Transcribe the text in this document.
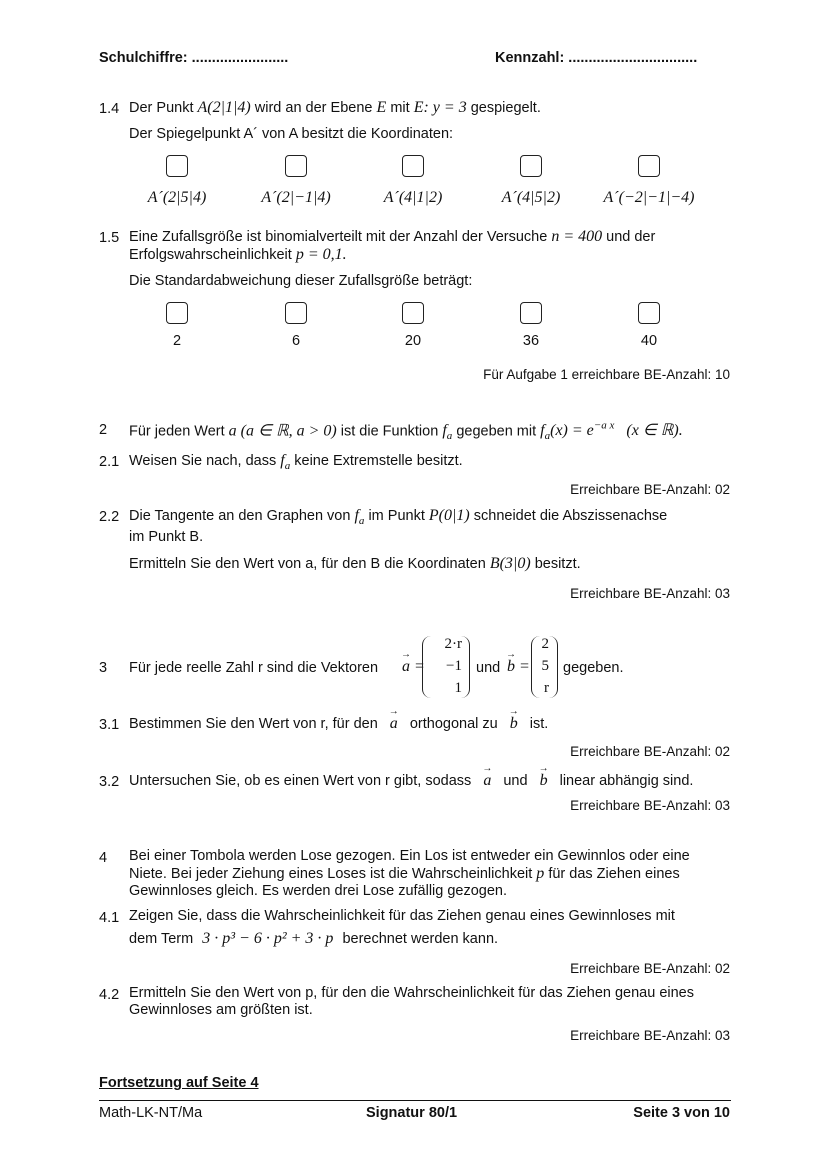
Schulchiffre: ........................	Kennzahl: ................................
1.4 Der Punkt A(2|1|4) wird an der Ebene E mit E: y = 3 gespiegelt.
Der Spiegelpunkt A´ von A besitzt die Koordinaten:
A´(2|5|4)	A´(2|−1|4)	A´(4|1|2)	A´(4|5|2)	A´(−2|−1|−4)
1.5 Eine Zufallsgröße ist binomialverteilt mit der Anzahl der Versuche n = 400 und der
Erfolgswahrscheinlichkeit p = 0,1.
Die Standardabweichung dieser Zufallsgröße beträgt:
2	6	20	36	40
Für Aufgabe 1 erreichbare BE-Anzahl: 10
2 Für jeden Wert a (a ∈ ℝ, a > 0) ist die Funktion $f_a$ gegeben mit $f_a(x) = e^{-a x}$ (x ∈ ℝ).
2.1 Weisen Sie nach, dass $f_a$ keine Extremstelle besitzt.
Erreichbare BE-Anzahl: 02
2.2 Die Tangente an den Graphen von $f_a$ im Punkt P(0|1) schneidet die Abszissenachse
im Punkt B.
Ermitteln Sie den Wert von a, für den B die Koordinaten B(3|0) besitzt.
Erreichbare BE-Anzahl: 03
3 Für jede reelle Zahl r sind die Vektoren
→
a =
2·r
−1
1
und
→
b =
2
5
r
gegeben.
3.1 Bestimmen Sie den Wert von r, für den
→
a orthogonal zu
→
b ist.
Erreichbare BE-Anzahl: 02
3.2 Untersuchen Sie, ob es einen Wert von r gibt, sodass
→
a und
→
b linear abhängig sind.
Erreichbare BE-Anzahl: 03
4 Bei einer Tombola werden Lose gezogen. Ein Los ist entweder ein Gewinnlos oder eine
Niete. Bei jeder Ziehung eines Loses ist die Wahrscheinlichkeit p für das Ziehen eines
Gewinnloses gleich. Es werden drei Lose zufällig gezogen.
4.1 Zeigen Sie, dass die Wahrscheinlichkeit für das Ziehen genau eines Gewinnloses mit
dem Term 3 · p³ − 6 · p² + 3 · p berechnet werden kann.
Erreichbare BE-Anzahl: 02
4.2 Ermitteln Sie den Wert von p, für den die Wahrscheinlichkeit für das Ziehen genau eines
Gewinnloses am größten ist.
Erreichbare BE-Anzahl: 03
Fortsetzung auf Seite 4
Math-LK-NT/Ma	Signatur 80/1	Seite 3 von 10
